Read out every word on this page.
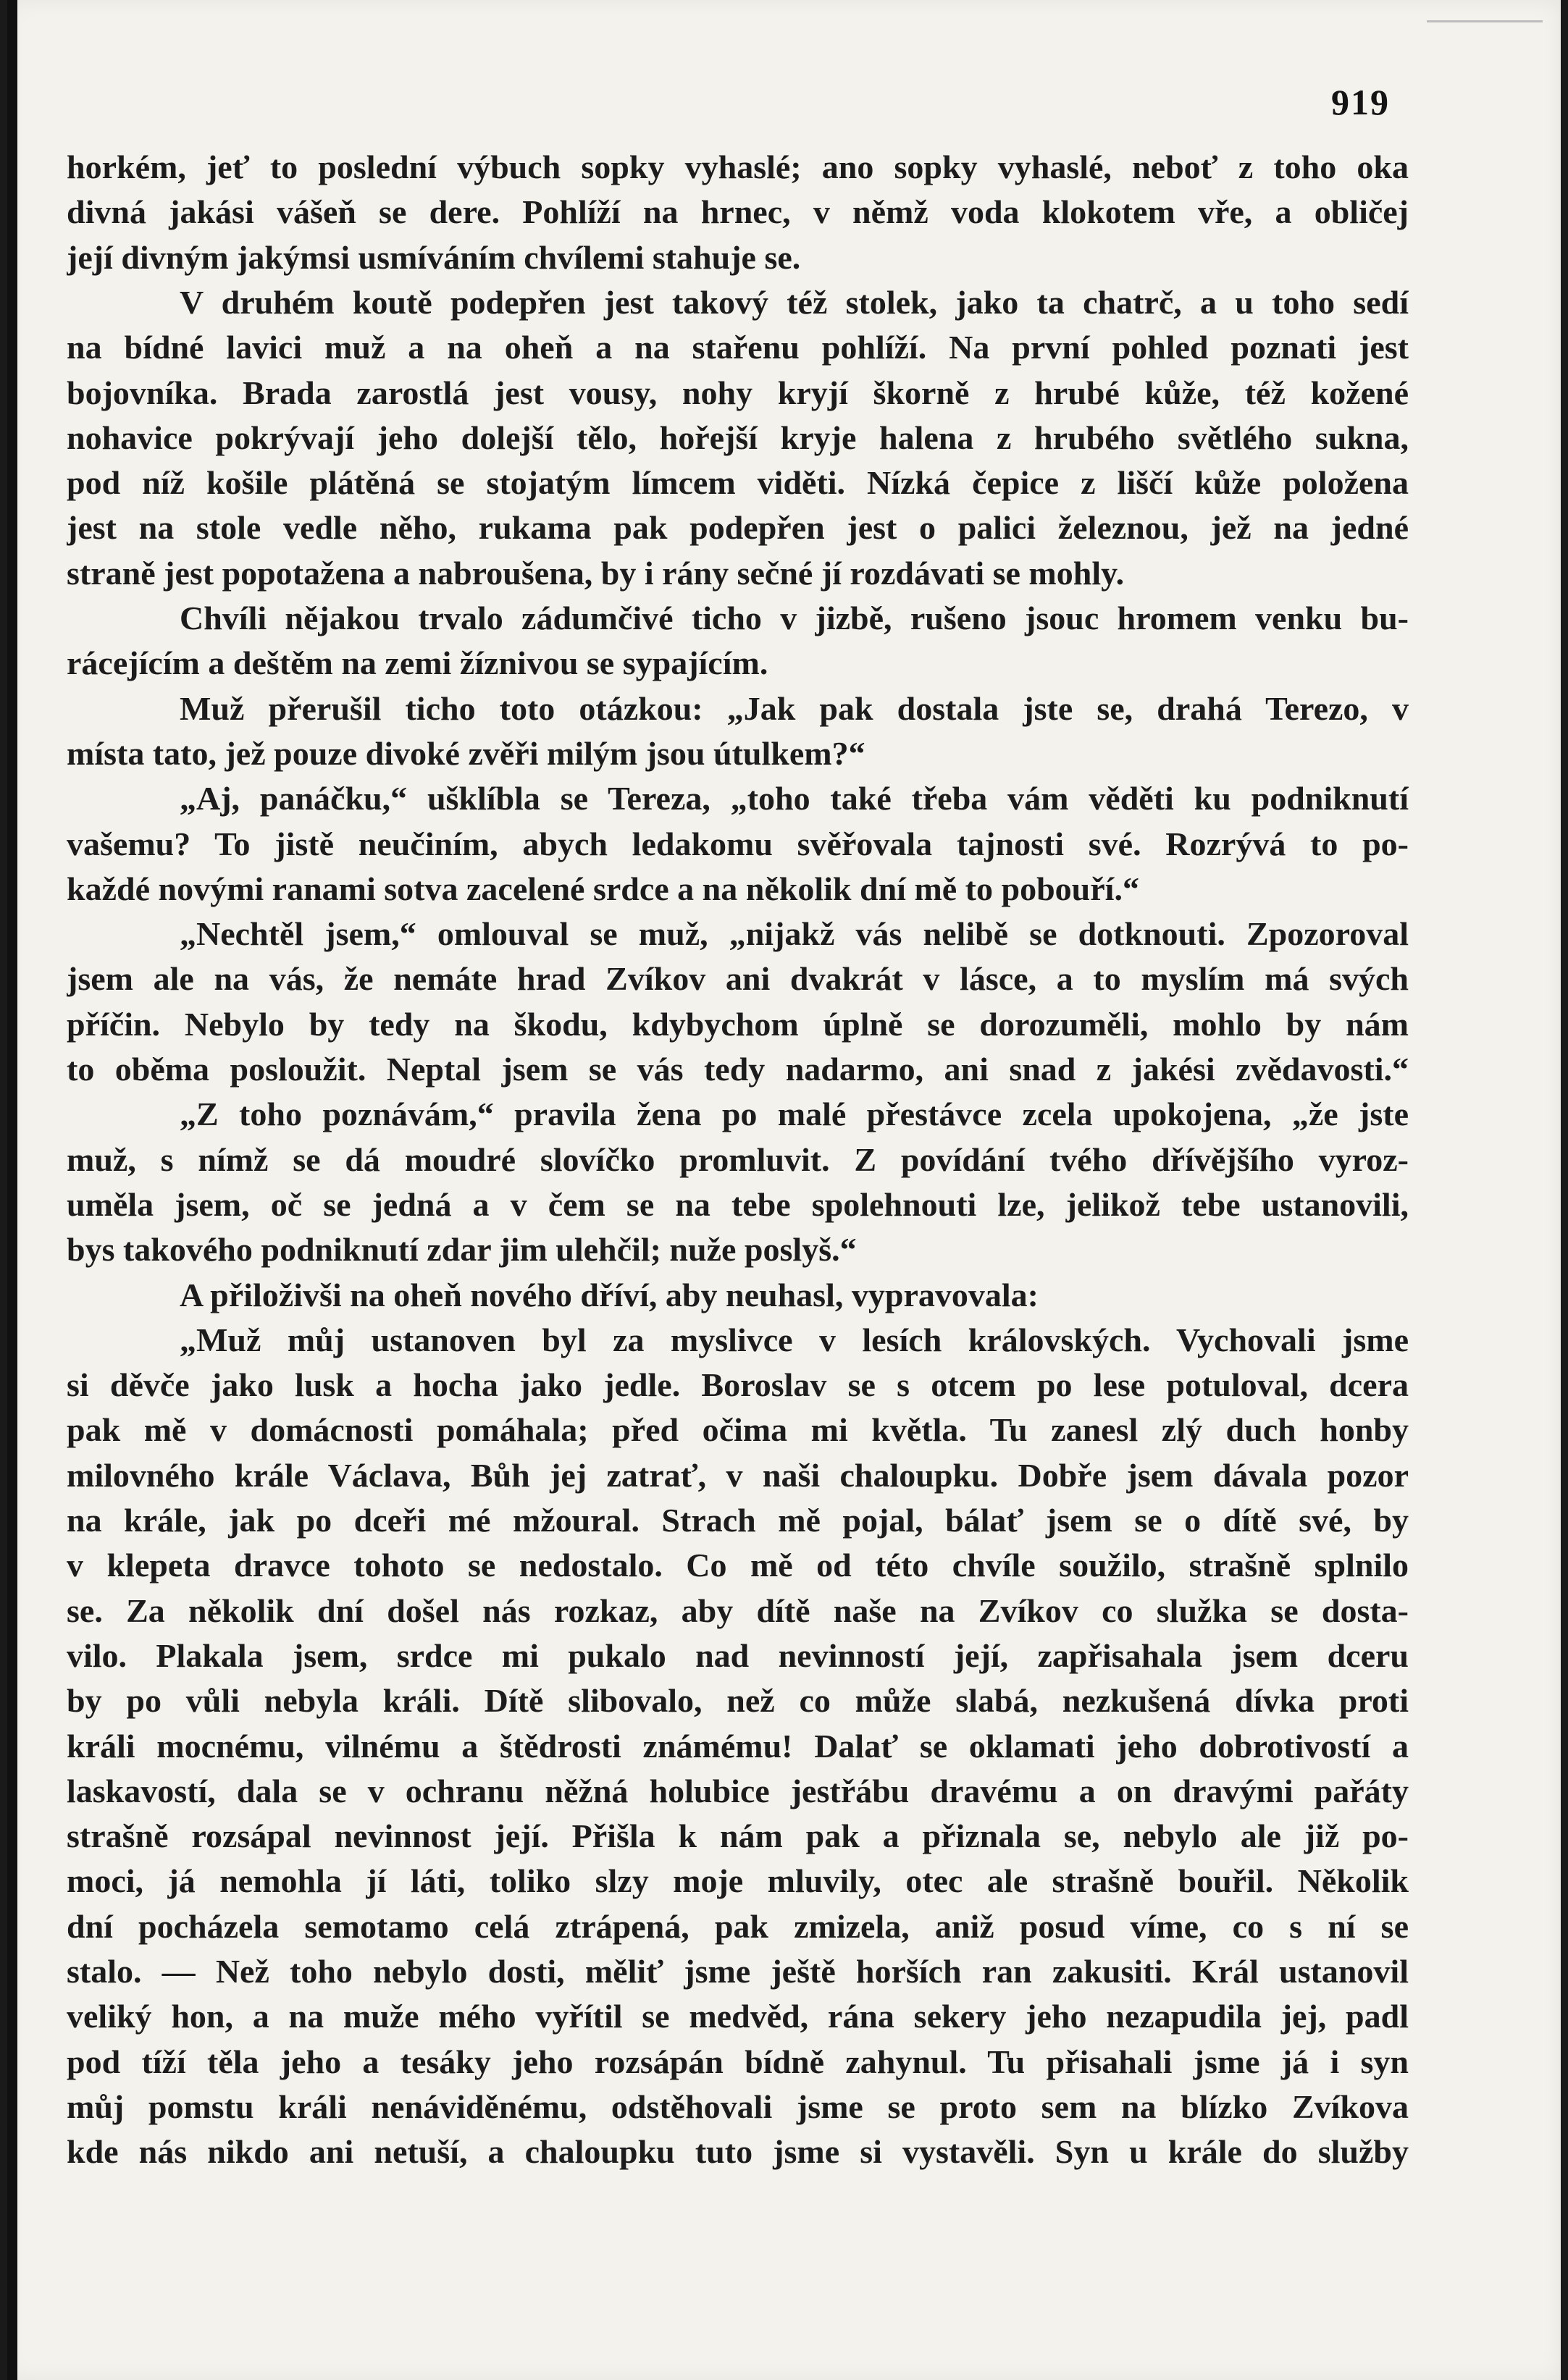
919
horkém, jeť to poslední výbuch sopky vyhaslé; ano sopky vyhaslé, neboť z toho oka
divná jakási vášeň se dere. Pohlíží na hrnec, v němž voda klokotem vře, a obličej
její divným jakýmsi usmíváním chvílemi stahuje se.
V druhém koutě podepřen jest takový též stolek, jako ta chatrč, a u toho sedí
na bídné lavici muž a na oheň a na stařenu pohlíží. Na první pohled poznati jest
bojovníka. Brada zarostlá jest vousy, nohy kryjí škorně z hrubé kůže, též kožené
nohavice pokrývají jeho dolejší tělo, hořejší kryje halena z hrubého světlého sukna,
pod níž košile plátěná se stojatým límcem viděti. Nízká čepice z liščí kůže položena
jest na stole vedle něho, rukama pak podepřen jest o palici železnou, jež na jedné
straně jest popotažena a nabroušena, by i rány sečné jí rozdávati se mohly.
Chvíli nějakou trvalo zádumčivé ticho v jizbě, rušeno jsouc hromem venku bu-
rácejícím a deštěm na zemi žíznivou se sypajícím.
Muž přerušil ticho toto otázkou: „Jak pak dostala jste se, drahá Terezo, v
místa tato, jež pouze divoké zvěři milým jsou útulkem?“
„Aj, panáčku,“ ušklíbla se Tereza, „toho také třeba vám věděti ku podniknutí
vašemu? To jistě neučiním, abych ledakomu svěřovala tajnosti své. Rozrývá to po-
každé novými ranami sotva zacelené srdce a na několik dní mě to pobouří.“
„Nechtěl jsem,“ omlouval se muž, „nijakž vás nelibě se dotknouti. Zpozoroval
jsem ale na vás, že nemáte hrad Zvíkov ani dvakrát v lásce, a to myslím má svých
příčin. Nebylo by tedy na škodu, kdybychom úplně se dorozuměli, mohlo by nám
to oběma posloužit. Neptal jsem se vás tedy nadarmo, ani snad z jakési zvědavosti.“
„Z toho poznávám,“ pravila žena po malé přestávce zcela upokojena, „že jste
muž, s nímž se dá moudré slovíčko promluvit. Z povídání tvého dřívějšího vyroz-
uměla jsem, oč se jedná a v čem se na tebe spolehnouti lze, jelikož tebe ustanovili,
bys takového podniknutí zdar jim ulehčil; nuže poslyš.“
A přiloživši na oheň nového dříví, aby neuhasl, vypravovala:
„Muž můj ustanoven byl za myslivce v lesích královských. Vychovali jsme
si děvče jako lusk a hocha jako jedle. Boroslav se s otcem po lese potuloval, dcera
pak mě v domácnosti pomáhala; před očima mi květla. Tu zanesl zlý duch honby
milovného krále Václava, Bůh jej zatrať, v naši chaloupku. Dobře jsem dávala pozor
na krále, jak po dceři mé mžoural. Strach mě pojal, bálať jsem se o dítě své, by
v klepeta dravce tohoto se nedostalo. Co mě od této chvíle soužilo, strašně splnilo
se. Za několik dní došel nás rozkaz, aby dítě naše na Zvíkov co služka se dosta-
vilo. Plakala jsem, srdce mi pukalo nad nevinností její, zapřisahala jsem dceru
by po vůli nebyla králi. Dítě slibovalo, než co může slabá, nezkušená dívka proti
králi mocnému, vilnému a štědrosti známému! Dalať se oklamati jeho dobrotivostí a
laskavostí, dala se v ochranu něžná holubice jestřábu dravému a on dravými pařáty
strašně rozsápal nevinnost její. Přišla k nám pak a přiznala se, nebylo ale již po-
moci, já nemohla jí láti, toliko slzy moje mluvily, otec ale strašně bouřil. Několik
dní pocházela semotamo celá ztrápená, pak zmizela, aniž posud víme, co s ní se
stalo. — Než toho nebylo dosti, měliť jsme ještě horších ran zakusiti. Král ustanovil
veliký hon, a na muže mého vyřítil se medvěd, rána sekery jeho nezapudila jej, padl
pod tíží těla jeho a tesáky jeho rozsápán bídně zahynul. Tu přisahali jsme já i syn
můj pomstu králi nenáviděnému, odstěhovali jsme se proto sem na blízko Zvíkova
kde nás nikdo ani netuší, a chaloupku tuto jsme si vystavěli. Syn u krále do služby
